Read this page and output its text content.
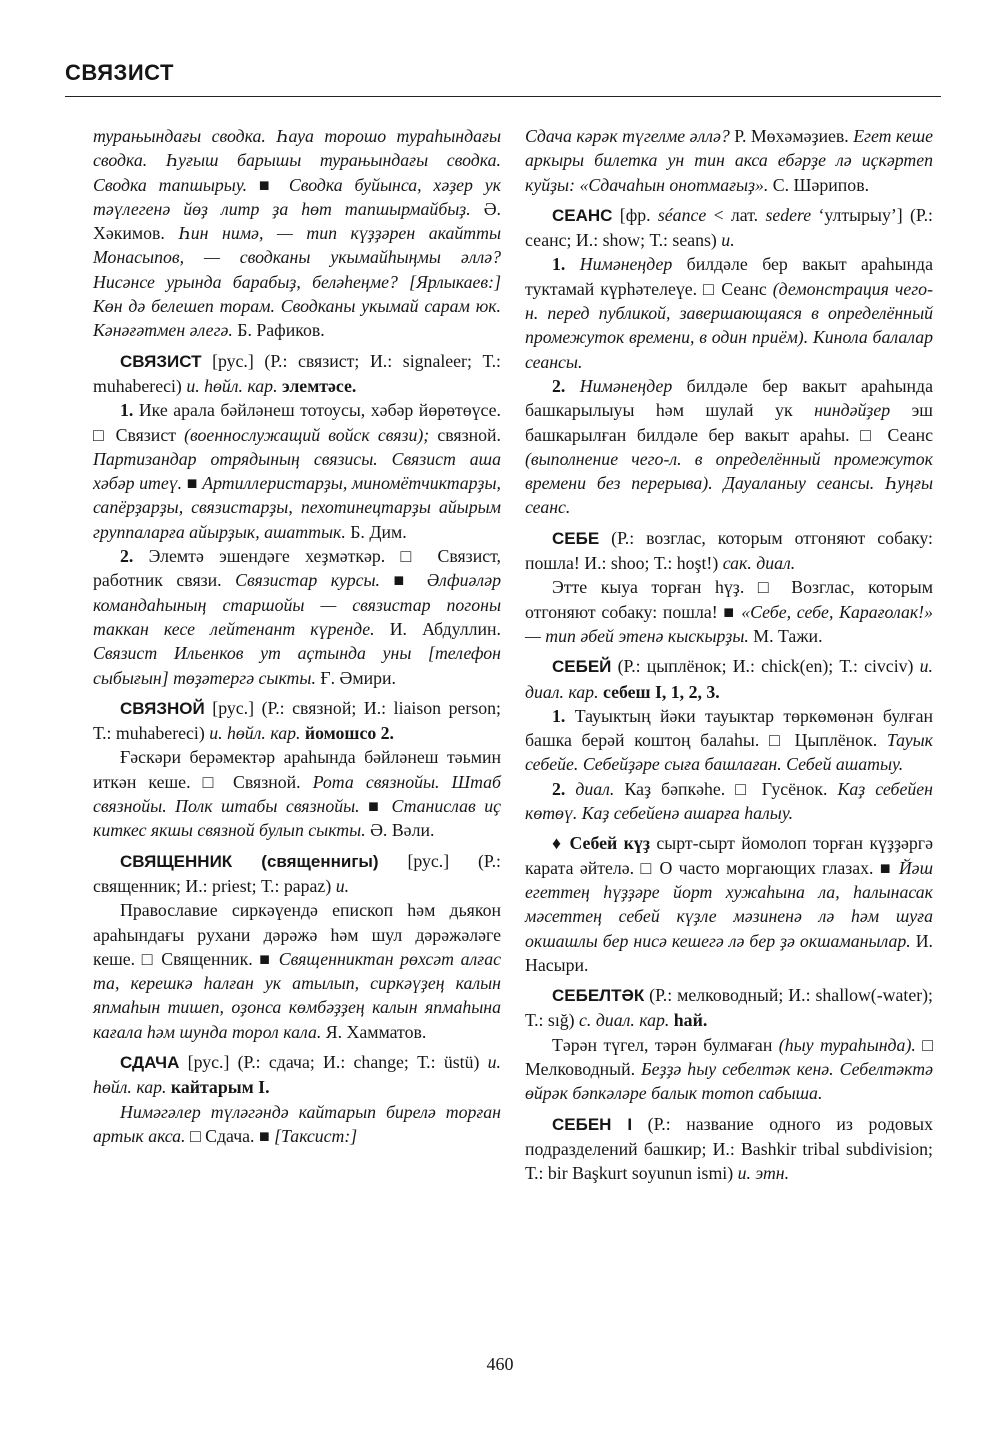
СВЯЗИСТ

турањындағы сводка. Һауа торошо тураһындағы сводка. Һуғыш барышы турањындағы сводка. Сводка тапшырыу. ■ Сводка буйынса, хәҙер ук тәүлегенә йөҙ литр ҙа һөт тапшырмайбыҙ. Ә. Хәкимов. Һин нимә, — тип күҙҙәрен акайтты Монасыпов, — сводканы укымайһыңмы әллә? Нисәнсе урында барабыҙ, беләһеңме? [Ярлыкаев:] Көн дә белешеп торам. Сводканы укымай сарам юк. Кәнәғәтмен әлегә. Б. Рафиков.

СВЯЗИСТ [рус.] (Р.: связист; И.: signaleer; Т.: muhabereci) и. һөйл. кар. элемтәсе.

1. Ике арала бәйләнеш тотоусы, хәбәр йөрөтөүсе. □ Связист (военнослужащий войск связи); связной. Партизандар отрядының связисы. Связист аша хәбәр итеү. ■ Артиллеристарҙы, миномётчиктарҙы, сапёрҙарҙы, связистарҙы, пехотинецтарҙы айырым группаларға айырҙык, ашаттык. Б. Дим.

2. Элемтә эшендәге хеҙмәткәр. □ Связист, работник связи. Связистар курсы. ■ Әлфиәләр командаһының старшойы — связистар погоны таккан кесе лейтенант күренде. И. Абдуллин. Связист Ильенков ут аҫтында уны [телефон сыбығын] төҙәтергә сыкты. Ғ. Әмири.

СВЯЗНОЙ [рус.] (Р.: связной; И.: liaison person; Т.: muhabereci) и. һөйл. кар. йомошсо 2.

Ғәскәри берәмектәр араһында бәйләнеш тәьмин иткән кеше. □ Связной. Рота связнойы. Штаб связнойы. Полк штабы связнойы. ■ Станислав иҫ киткес якшы связной булып сыкты. Ә. Вәли.

СВЯЩЕННИК (священнигы) [рус.] (Р.: священник; И.: priest; Т.: papaz) и.

Православие сиркәүендә епископ һәм дьякон араһындағы рухани дәрәжә һәм шул дәрәжәләге кеше. □ Священник. ■ Священниктан рөхсәт алғас та, керешкә һалған ук атылып, сиркәүҙең калын япмаһын тишеп, оҙонса көмбәҙҙең калын япмаһына кағала һәм шунда торол кала. Я. Хамматов.

СДАЧА [рус.] (Р.: сдача; И.: change; Т.: üstü) и. һөйл. кар. кайтарым I.

Нимәгәлер түләгәндә кайтарып бирелә торған артык акса. □ Сдача. ■ [Таксист:]

Сдача кәрәк түгелме әллә? Р. Мөхәмәҙиев. Егет кеше аркыры билетка ун тин акса ебәрҙе лә иҫкәртеп куйҙы: «Сдачаһын онотмағыҙ». С. Шәрипов.

СЕАНС [фр. séance < лат. sedere ‘ултырыу’] (Р.: сеанс; И.: show; Т.: seans) и.

1. Нимәнеңдер билдәле бер вакыт араһында туктамай күрһәтелеүе. □ Сеанс (демонстрация чего-н. перед публикой, завершающаяся в определённый промежуток времени, в один приём). Кинола балалар сеансы.

2. Нимәнеңдер билдәле бер вакыт араһында башкарылыуы һәм шулай ук ниндәйҙер эш башкарылған билдәле бер вакыт араһы. □ Сеанс (выполнение чего-л. в определённый промежуток времени без перерыва). Дауаланыу сеансы. Һуңғы сеанс.

СЕБЕ (Р.: возглас, которым отгоняют собаку: пошла! И.: shoo; Т.: hoşt!) сак. диал.

Этте кыуа торған һүҙ. □ Возглас, которым отгоняют собаку: пошла! ■ «Себе, себе, Карағолак!» — тип әбей этенә кыскырҙы. М. Тажи.

СЕБЕЙ (Р.: цыплёнок; И.: chick(en); Т.: civciv) и. диал. кар. себеш I, 1, 2, 3.

1. Тауыктың йәки тауыктар төркөмөнән булған башка берәй коштоң балаһы. □ Цыплёнок. Тауык себейе. Себейҙәре сыға башлаған. Себей ашатыу.

2. диал. Каҙ бәпкәһе. □ Гусёнок. Каҙ себейен көтөү. Каҙ себейенә ашарға һалыу.

♦ Себей күҙ сырт-сырт йомолоп торған күҙҙәргә карата әйтелә. □ О часто моргающих глазах. ■ Йәш егеттең һүҙҙәре йорт хужаһына ла, һалынасак мәсеттең себей күҙле мәзиненә лә һәм шуға окшашлы бер нисә кешегә лә бер ҙә окшаманылар. И. Насыри.

СЕБЕЛТӘК (Р.: мелководный; И.: shallow(-water); Т.: sığ) с. диал. кар. һай.

Тәрән түгел, тәрән булмаған (һыу тураһында). □ Мелководный. Беҙҙә һыу себелтәк кенә. Себелтәктә өйрәк бәпкәләре балык тотоп сабыша.

СЕБЕН I (Р.: название одного из родовых подразделений башкир; И.: Bashkir tribal subdivision; Т.: bir Başkurt soyunun ismi) и. этн.

460
